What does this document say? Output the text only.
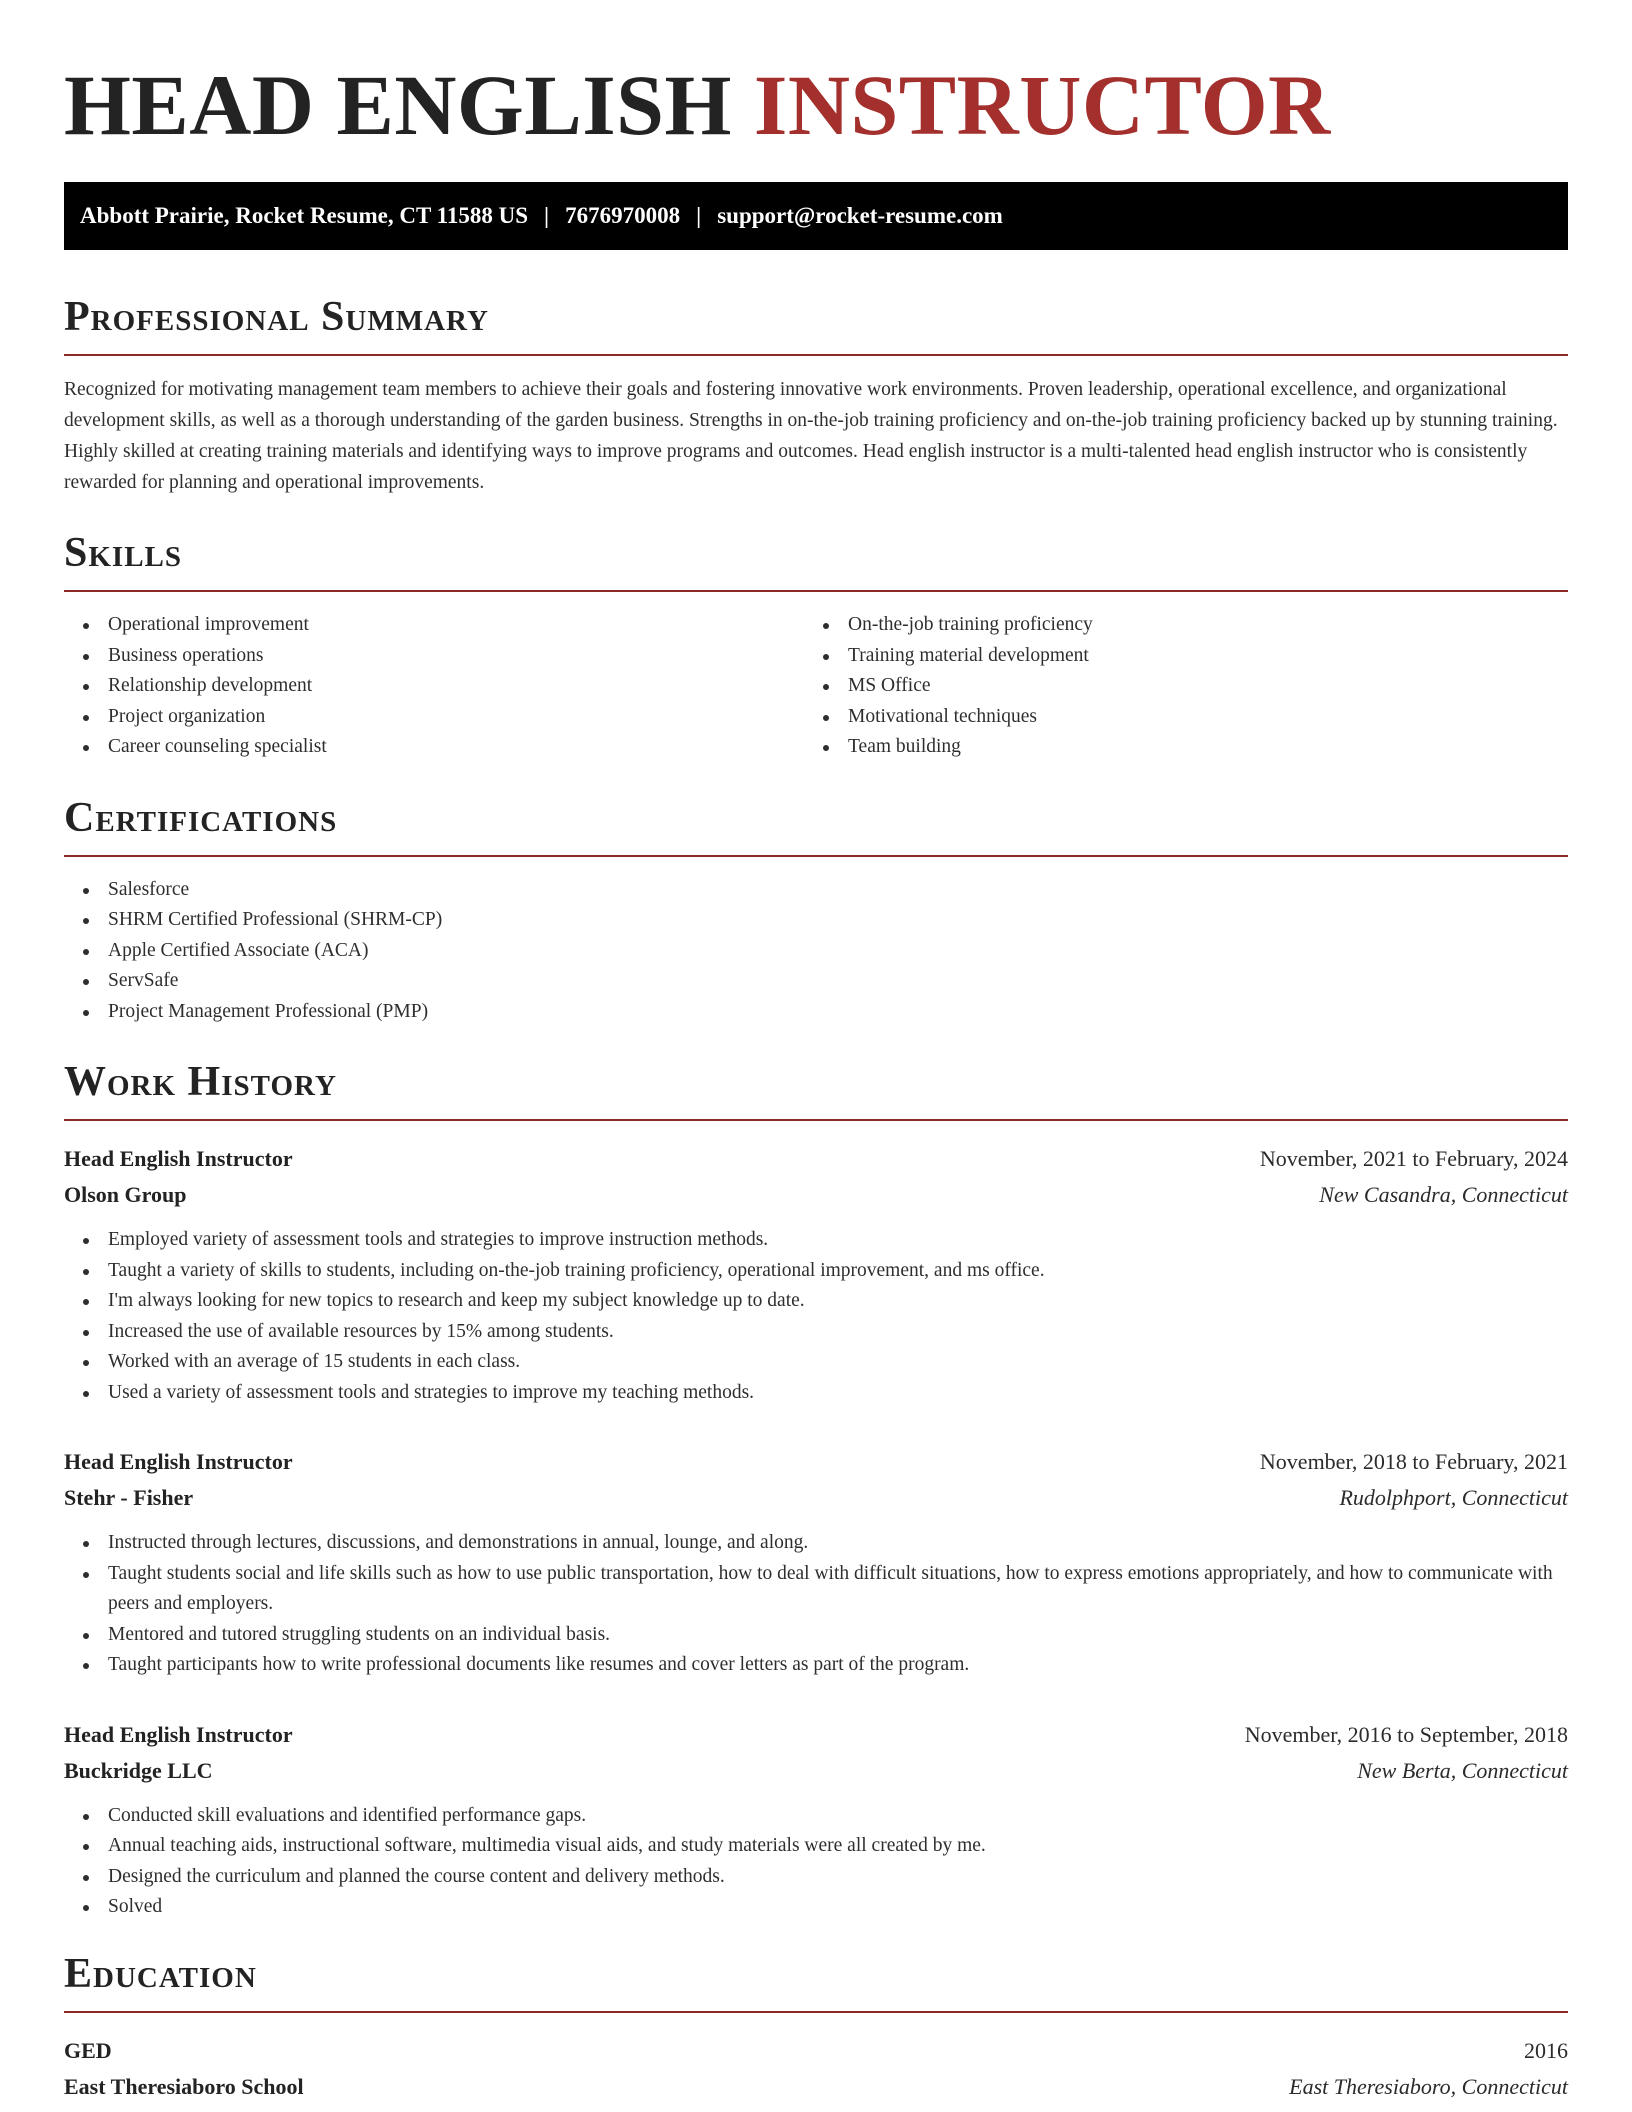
HEAD ENGLISH INSTRUCTOR
Abbott Prairie, Rocket Resume, CT 11588 US | 7676970008 | support@rocket-resume.com
Professional Summary

Recognized for motivating management team members to achieve their goals and fostering innovative work environments. Proven leadership, operational excellence, and organizational development skills, as well as a thorough understanding of the garden business. Strengths in on-the-job training proficiency and on-the-job training proficiency backed up by stunning training. Highly skilled at creating training materials and identifying ways to improve programs and outcomes. Head english instructor is a multi-talented head english instructor who is consistently rewarded for planning and operational improvements.

Skills
Operational improvement
Business operations
Relationship development
Project organization
Career counseling specialist
On-the-job training proficiency
Training material development
MS Office
Motivational techniques
Team building
Certifications
Salesforce
SHRM Certified Professional (SHRM-CP)
Apple Certified Associate (ACA)
ServSafe
Project Management Professional (PMP)
Work History
Head English Instructor	November, 2021 to February, 2024
Olson Group	New Casandra, Connecticut
Employed variety of assessment tools and strategies to improve instruction methods.
Taught a variety of skills to students, including on-the-job training proficiency, operational improvement, and ms office.
I'm always looking for new topics to research and keep my subject knowledge up to date.
Increased the use of available resources by 15% among students.
Worked with an average of 15 students in each class.
Used a variety of assessment tools and strategies to improve my teaching methods.
Head English Instructor	November, 2018 to February, 2021
Stehr - Fisher	Rudolphport, Connecticut
Instructed through lectures, discussions, and demonstrations in annual, lounge, and along.
Taught students social and life skills such as how to use public transportation, how to deal with difficult situations, how to express emotions appropriately, and how to communicate with peers and employers.
Mentored and tutored struggling students on an individual basis.
Taught participants how to write professional documents like resumes and cover letters as part of the program.
Head English Instructor	November, 2016 to September, 2018
Buckridge LLC	New Berta, Connecticut
Conducted skill evaluations and identified performance gaps.
Annual teaching aids, instructional software, multimedia visual aids, and study materials were all created by me.
Designed the curriculum and planned the course content and delivery methods.
Solved
Education
GED	2016
East Theresiaboro School	East Theresiaboro, Connecticut
